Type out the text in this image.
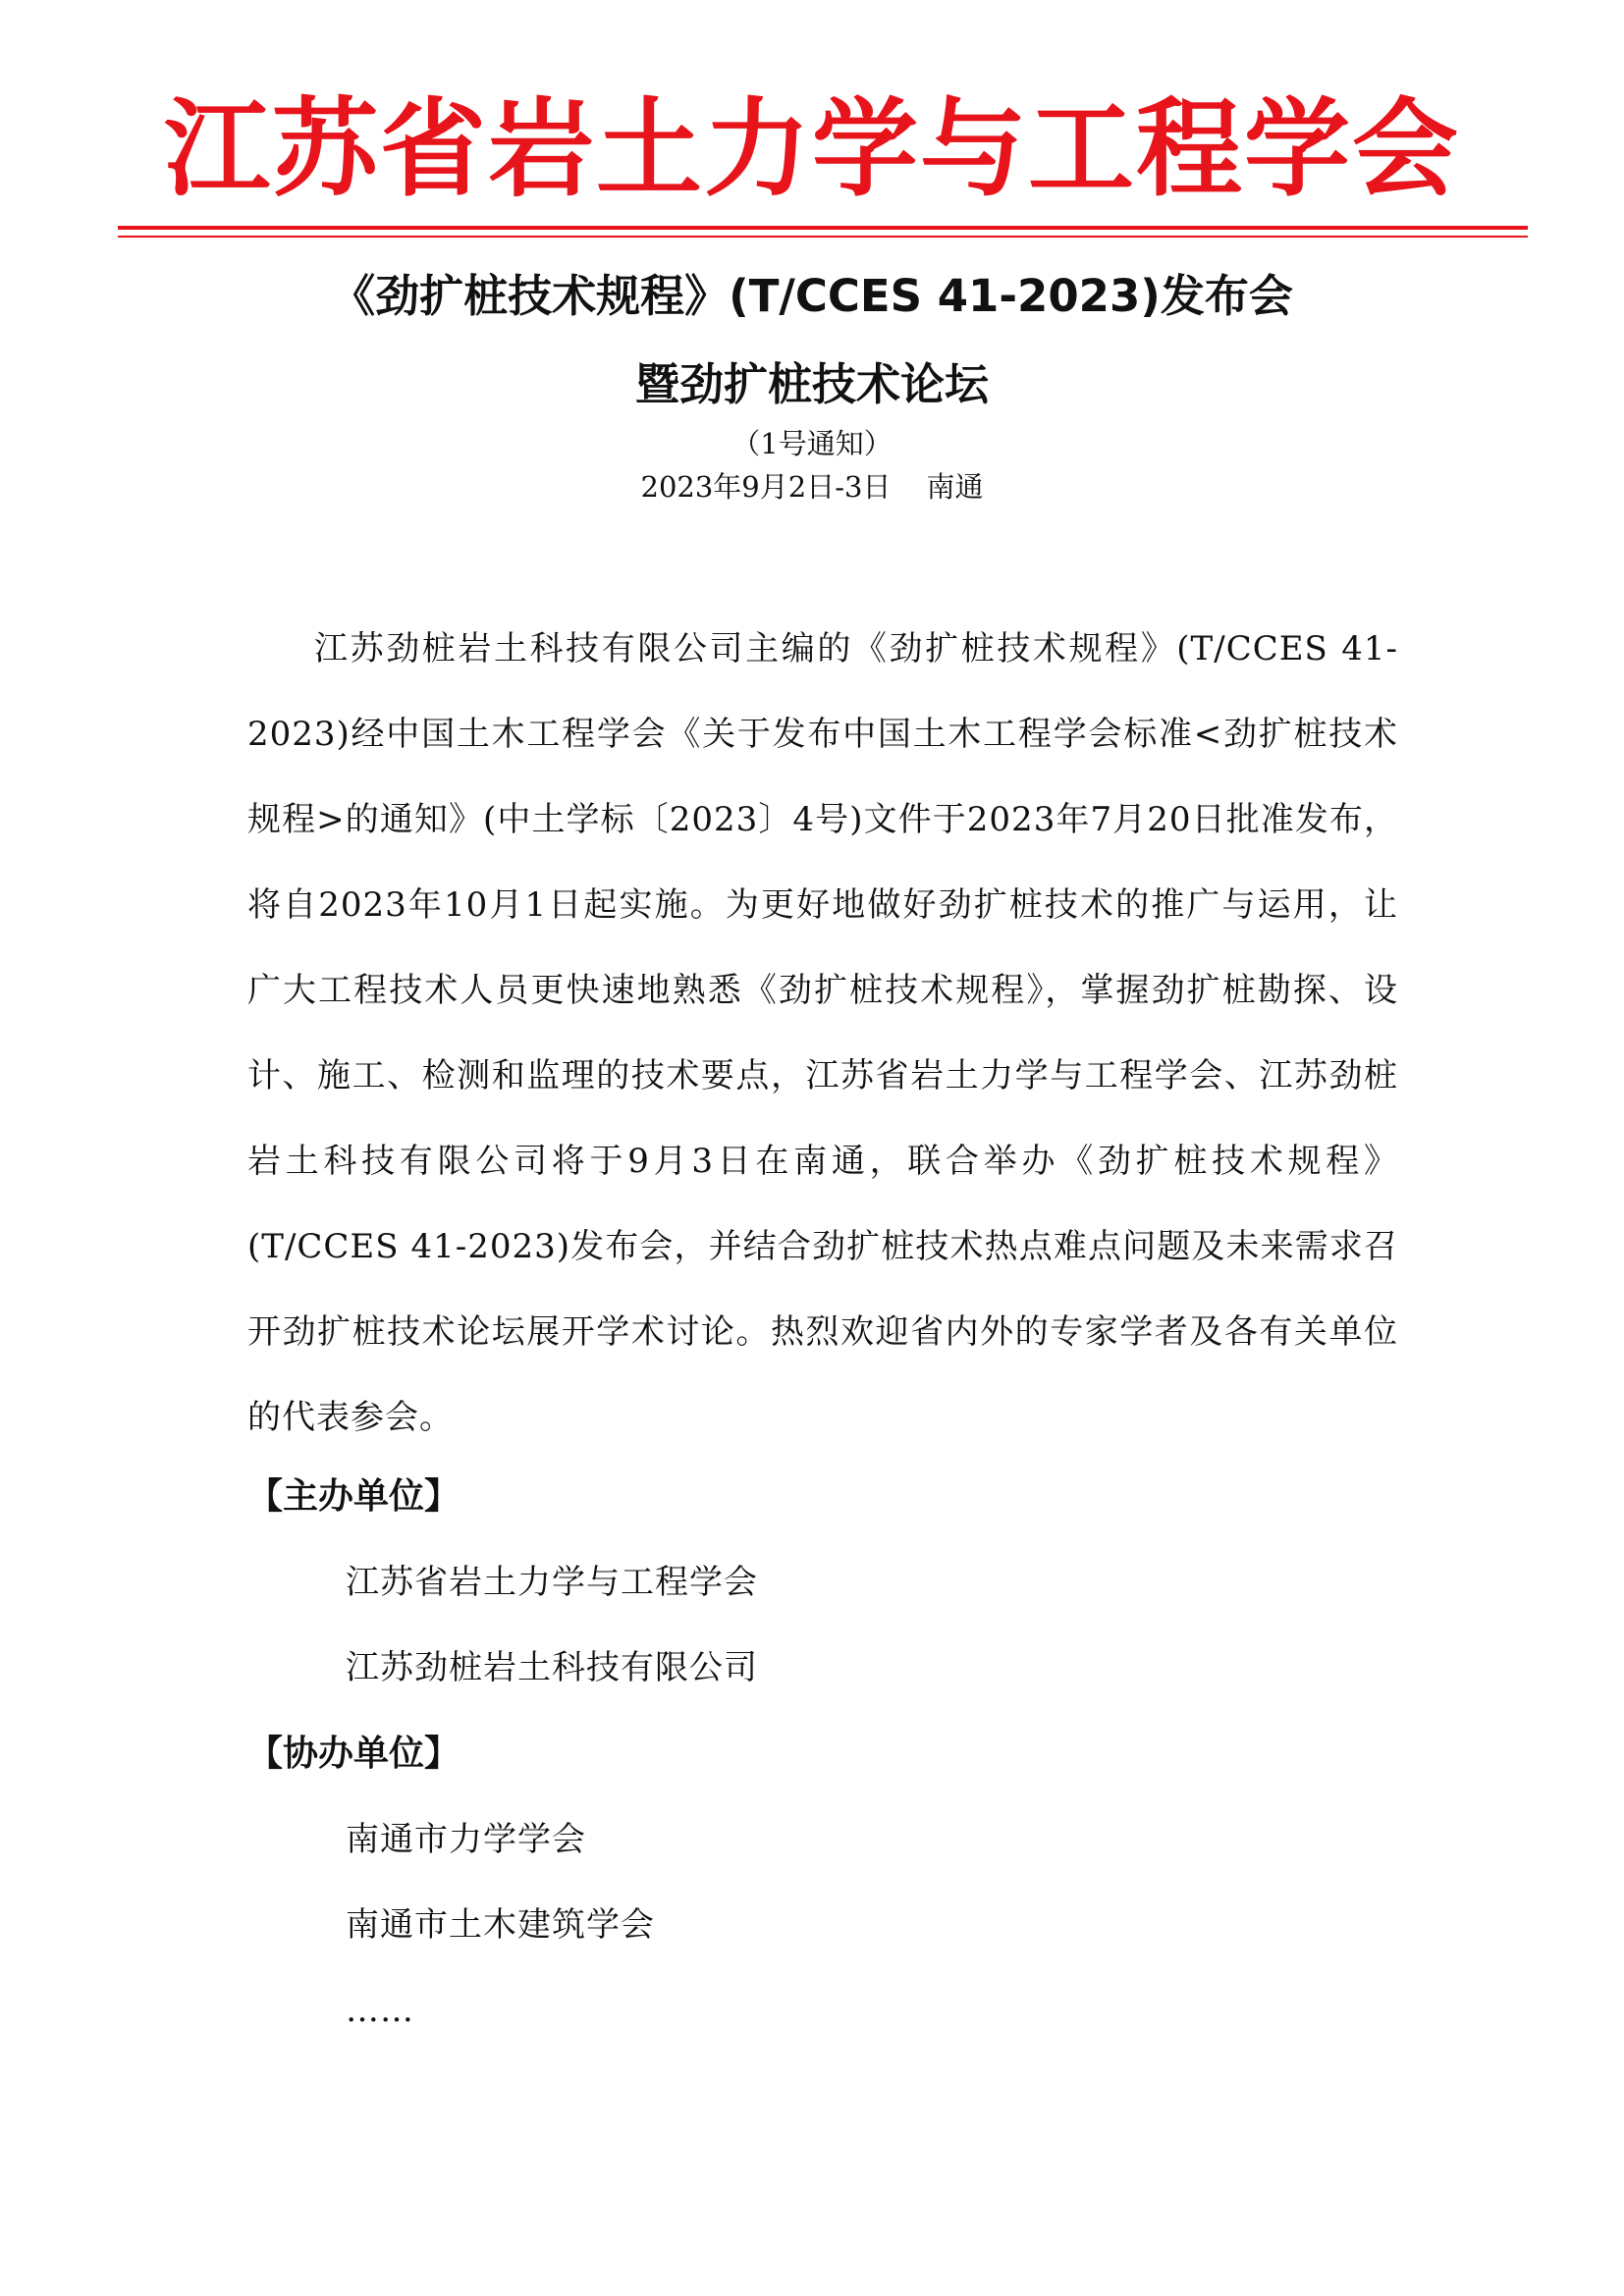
江苏省岩土力学与工程学会
《劲扩桩技术规程》(T/CCES 41-2023)发布会
暨劲扩桩技术论坛
（1号通知）
2023年9月2日-3日 南通

江苏劲桩岩土科技有限公司主编的《劲扩桩技术规程》(T/CCES 41-2023)经中国土木工程学会《关于发布中国土木工程学会标准<劲扩桩技术规程>的通知》(中土学标〔2023〕4号)文件于2023年7月20日批准发布，将自2023年10月1日起实施。为更好地做好劲扩桩技术的推广与运用，让广大工程技术人员更快速地熟悉《劲扩桩技术规程》，掌握劲扩桩勘探、设计、施工、检测和监理的技术要点，江苏省岩土力学与工程学会、江苏劲桩岩土科技有限公司将于9月3日在南通，联合举办《劲扩桩技术规程》(T/CCES 41-2023)发布会，并结合劲扩桩技术热点难点问题及未来需求召开劲扩桩技术论坛展开学术讨论。热烈欢迎省内外的专家学者及各有关单位的代表参会。

【主办单位】
江苏省岩土力学与工程学会
江苏劲桩岩土科技有限公司
【协办单位】
南通市力学学会
南通市土木建筑学会
……
